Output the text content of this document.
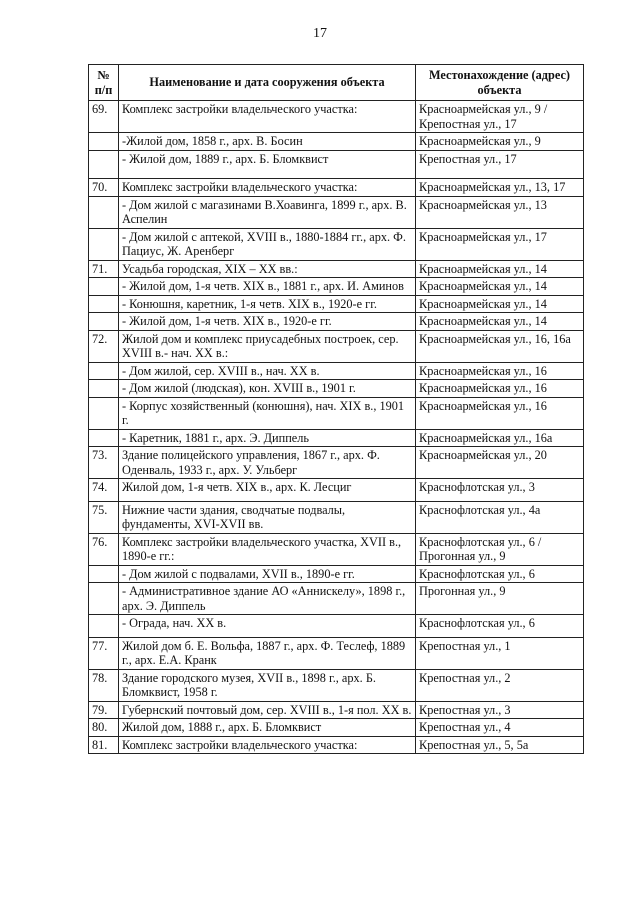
17
№ п/п	Наименование и дата сооружения объекта	Местонахождение (адрес) объекта
69.	Комплекс застройки владельческого участка:	Красноармейская ул., 9 / Крепостная ул., 17
	-Жилой дом, 1858 г., арх. В. Босин	Красноармейская ул., 9
	- Жилой дом, 1889 г., арх. Б. Бломквист	Крепостная ул., 17
70.	Комплекс застройки владельческого участка:	Красноармейская ул., 13, 17
	- Дом жилой с магазинами В.Хоавинга, 1899 г., арх. В. Аспелин	Красноармейская ул., 13
	- Дом жилой с аптекой, XVIII в., 1880-1884 гг., арх. Ф. Пациус, Ж. Аренберг	Красноармейская ул., 17
71.	Усадьба городская, XIX – XX вв.:	Красноармейская ул., 14
	- Жилой дом, 1-я четв. XIX в., 1881 г., арх. И. Аминов	Красноармейская ул., 14
	- Конюшня, каретник, 1-я четв. XIX в., 1920-е гг.	Красноармейская ул., 14
	- Жилой дом, 1-я четв. XIX в., 1920-е гг.	Красноармейская ул., 14
72.	Жилой дом и комплекс приусадебных построек, сер. XVIII в.- нач. XX в.:	Красноармейская ул., 16, 16а
	- Дом жилой, сер. XVIII в., нач. XX в.	Красноармейская ул., 16
	- Дом жилой (людская), кон. XVIII в., 1901 г.	Красноармейская ул., 16
	- Корпус хозяйственный (конюшня), нач. XIX в., 1901 г.	Красноармейская ул., 16
	- Каретник, 1881 г., арх. Э. Диппель	Красноармейская ул., 16а
73.	Здание полицейского управления, 1867 г., арх. Ф. Оденваль, 1933 г., арх. У. Ульберг	Красноармейская ул., 20
74.	Жилой дом, 1-я четв. XIX в., арх. К. Лесциг	Краснофлотская ул., 3
75.	Нижние части здания, сводчатые подвалы, фундаменты, XVI-XVII вв.	Краснофлотская ул., 4а
76.	Комплекс застройки владельческого участка, XVII в., 1890-е гг.:	Краснофлотская ул., 6 / Прогонная ул., 9
	- Дом жилой с подвалами, XVII в., 1890-е гг.	Краснофлотская ул., 6
	- Административное здание АО «Аннискелу», 1898 г., арх. Э. Диппель	Прогонная ул., 9
	- Ограда, нач. XX в.	Краснофлотская ул., 6
77.	Жилой дом б. Е. Вольфа, 1887 г., арх. Ф. Теслеф, 1889 г., арх. Е.А. Кранк	Крепостная ул., 1
78.	Здание городского музея, XVII в., 1898 г., арх. Б. Бломквист, 1958 г.	Крепостная ул., 2
79.	Губернский почтовый дом, сер. XVIII в., 1-я пол. XX в.	Крепостная ул., 3
80.	Жилой дом, 1888 г., арх. Б. Бломквист	Крепостная ул., 4
81.	Комплекс застройки владельческого участка:	Крепостная ул., 5, 5а
